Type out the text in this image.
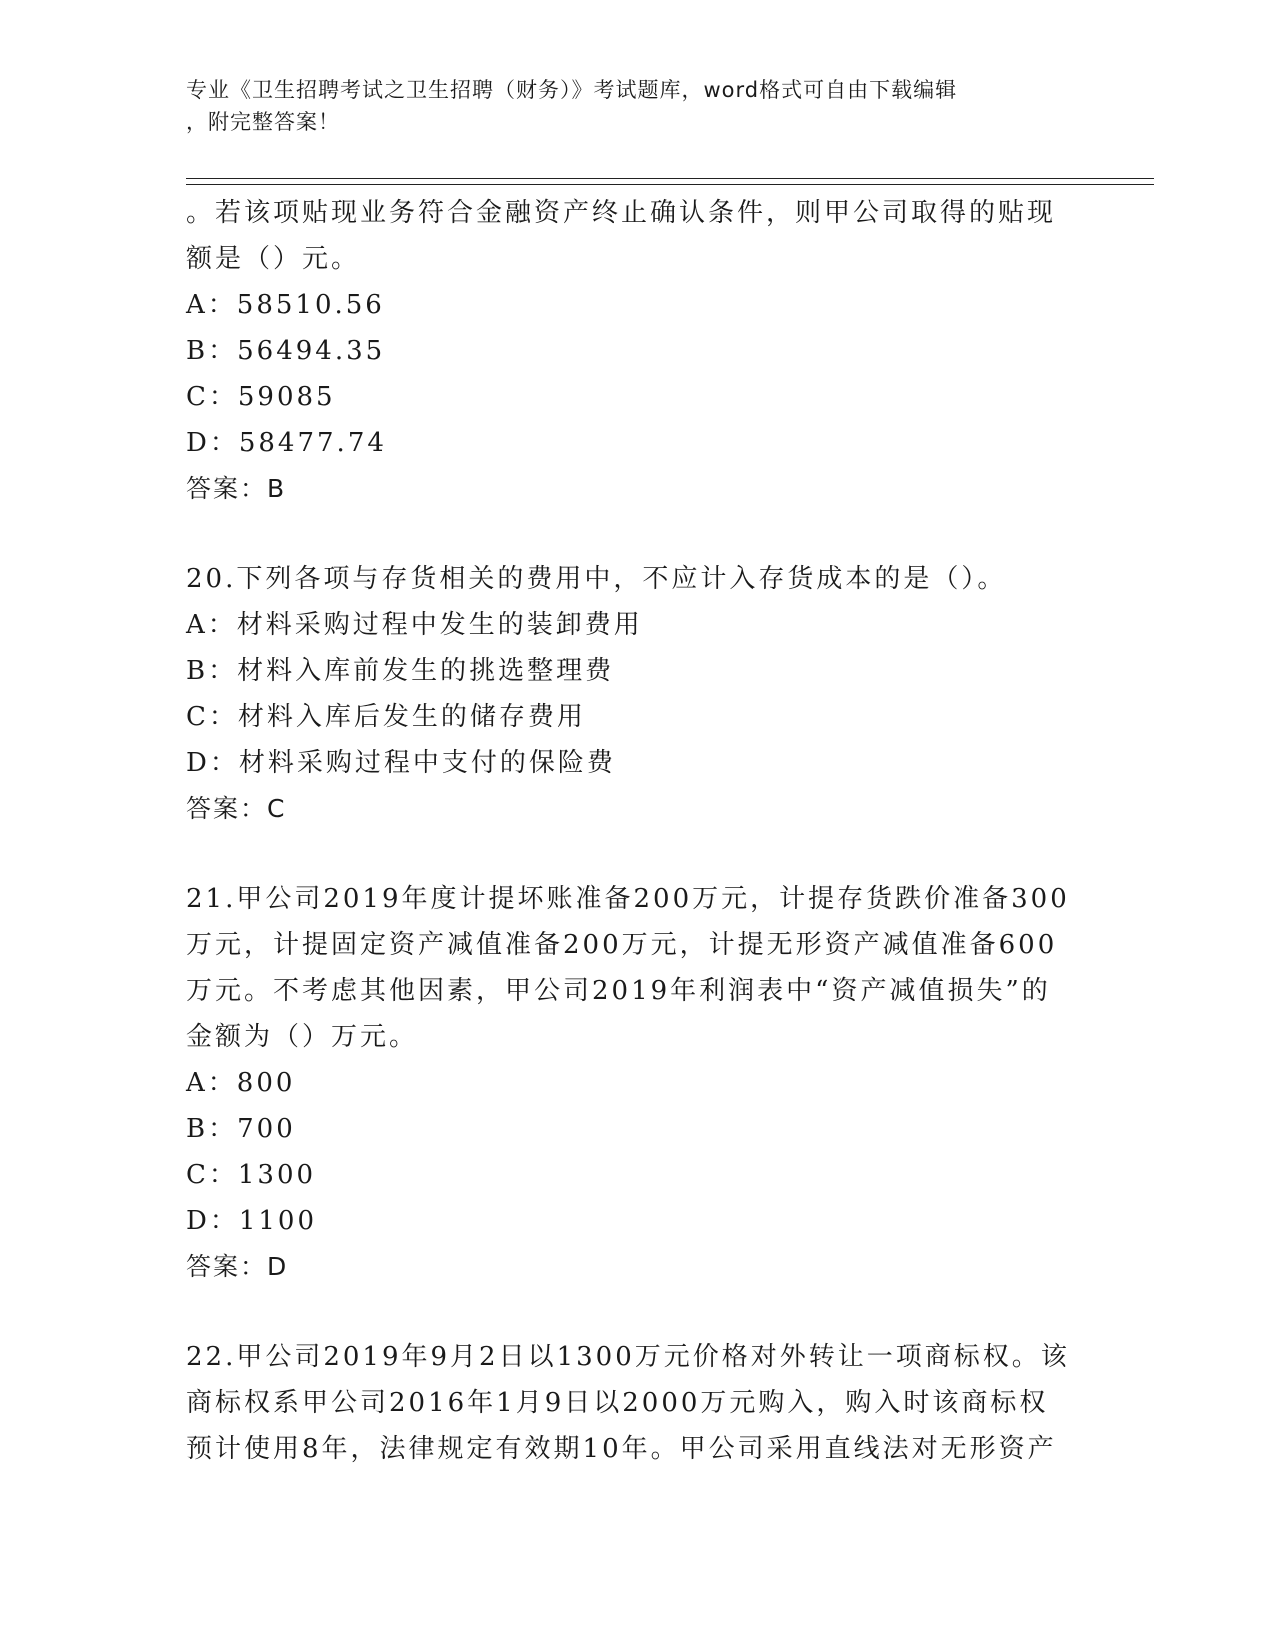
专业《卫生招聘考试之卫生招聘（财务）》考试题库，word格式可自由下载编辑
，附完整答案！
。若该项贴现业务符合金融资产终止确认条件，则甲公司取得的贴现
额是（）元。
A：58510.56
B：56494.35
C：59085
D：58477.74
答案：B
20.下列各项与存货相关的费用中，不应计入存货成本的是（）。
A：材料采购过程中发生的装卸费用
B：材料入库前发生的挑选整理费
C：材料入库后发生的储存费用
D：材料采购过程中支付的保险费
答案：C
21.甲公司2019年度计提坏账准备200万元，计提存货跌价准备300
万元，计提固定资产减值准备200万元，计提无形资产减值准备600
万元。不考虑其他因素，甲公司2019年利润表中“资产减值损失”的
金额为（）万元。
A：800
B：700
C：1300
D：1100
答案：D
22.甲公司2019年9月2日以1300万元价格对外转让一项商标权。该
商标权系甲公司2016年1月9日以2000万元购入，购入时该商标权
预计使用8年，法律规定有效期10年。甲公司采用直线法对无形资产
